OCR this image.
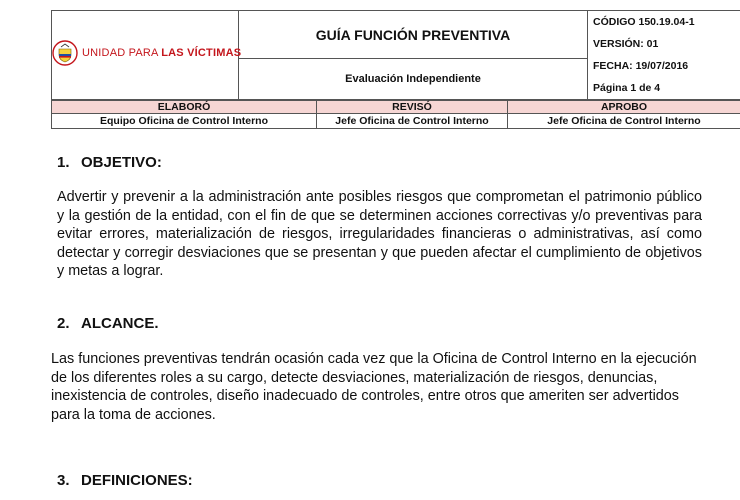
UNIDAD PARA LAS VÍCTIMAS
	GUÍA FUNCIÓN PREVENTIVA	
CÓDIGO 150.19.04-1
VERSIÓN: 01
FECHA: 19/07/2016
Página 1 de 4

Evaluación Independiente
ELABORÓ	REVISÓ	APROBO
Equipo Oficina de Control Interno	Jefe Oficina de Control Interno	Jefe Oficina de Control Interno
1. OBJETIVO:

Advertir y prevenir a la administración ante posibles riesgos que comprometan el patrimonio público y la gestión de la entidad, con el fin de que se determinen acciones correctivas y/o preventivas para evitar errores, materialización de riesgos, irregularidades financieras o administrativas, así como detectar y corregir desviaciones que se presentan y que pueden afectar el cumplimiento de objetivos y metas a lograr.

2. ALCANCE.

Las funciones preventivas tendrán ocasión cada vez que la Oficina de Control Interno en la ejecución de los diferentes roles a su cargo, detecte desviaciones, materialización de riesgos, denuncias, inexistencia de controles, diseño inadecuado de controles, entre otros que ameriten ser advertidos para la toma de acciones.

3. DEFINICIONES:
